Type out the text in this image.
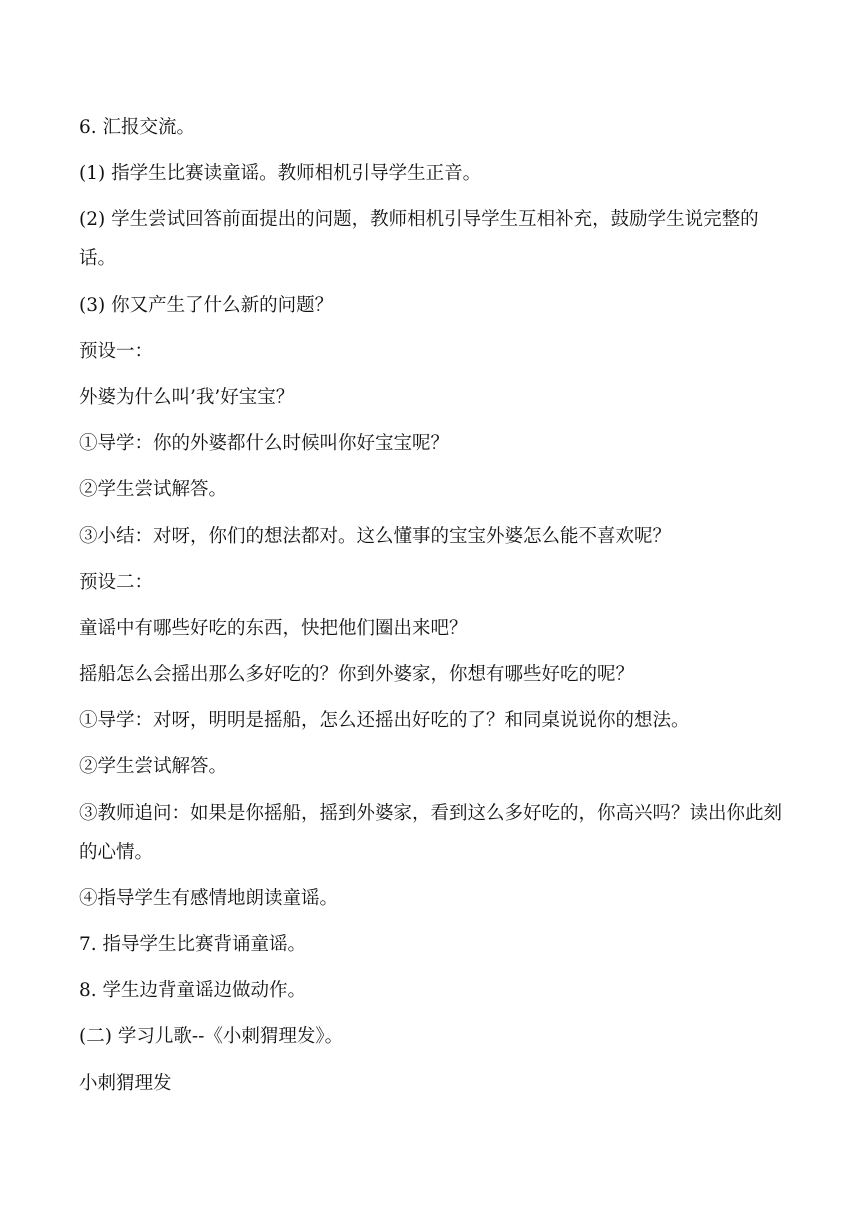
6. 汇报交流。

(1) 指学生比赛读童谣。教师相机引导学生正音。

(2) 学生尝试回答前面提出的问题，教师相机引导学生互相补充，鼓励学生说完整的话。

(3) 你又产生了什么新的问题？

预设一：

外婆为什么叫’我’好宝宝？

①导学：你的外婆都什么时候叫你好宝宝呢？

②学生尝试解答。

③小结：对呀，你们的想法都对。这么懂事的宝宝外婆怎么能不喜欢呢？

预设二：

童谣中有哪些好吃的东西，快把他们圈出来吧？

摇船怎么会摇出那么多好吃的？你到外婆家，你想有哪些好吃的呢？

①导学：对呀，明明是摇船，怎么还摇出好吃的了？和同桌说说你的想法。

②学生尝试解答。

③教师追问：如果是你摇船，摇到外婆家，看到这么多好吃的，你高兴吗？读出你此刻的心情。

④指导学生有感情地朗读童谣。

7. 指导学生比赛背诵童谣。

8. 学生边背童谣边做动作。

(二) 学习儿歌--《小刺猬理发》。

小刺猬理发
